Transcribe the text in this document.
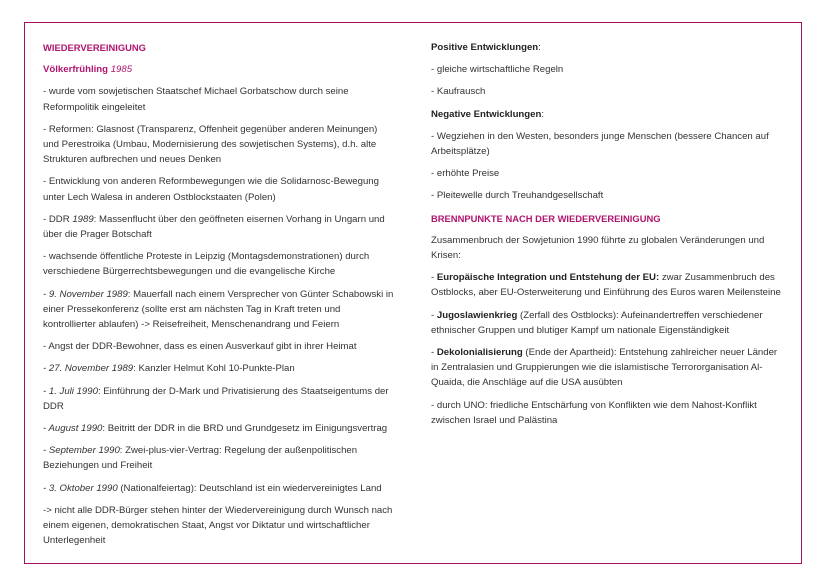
WIEDERVEREINIGUNG

Völkerfrühling 1985

- wurde vom sowjetischen Staatschef Michael Gorbatschow durch seine Reformpolitik eingeleitet

- Reformen: Glasnost (Transparenz, Offenheit gegenüber anderen Meinungen) und Perestroika (Umbau, Modernisierung des sowjetischen Systems), d.h. alte Strukturen aufbrechen und neues Denken

- Entwicklung von anderen Reformbewegungen wie die Solidarnosc-Bewegung unter Lech Walesa in anderen Ostblockstaaten (Polen)

- DDR 1989: Massenflucht über den geöffneten eisernen Vorhang in Ungarn und über die Prager Botschaft

- wachsende öffentliche Proteste in Leipzig (Montagsdemonstrationen) durch verschiedene Bürgerrechtsbewegungen und die evangelische Kirche

- 9. November 1989: Mauerfall nach einem Versprecher von Günter Schabowski in einer Pressekonferenz (sollte erst am nächsten Tag in Kraft treten und kontrollierter ablaufen) -> Reisefreiheit, Menschenandrang und Feiern

- Angst der DDR-Bewohner, dass es einen Ausverkauf gibt in ihrer Heimat

- 27. November 1989: Kanzler Helmut Kohl 10-Punkte-Plan

- 1. Juli 1990: Einführung der D-Mark und Privatisierung des Staatseigentums der DDR

- August 1990: Beitritt der DDR in die BRD und Grundgesetz im Einigungsvertrag

- September 1990: Zwei-plus-vier-Vertrag: Regelung der außenpolitischen Beziehungen und Freiheit

- 3. Oktober 1990 (Nationalfeiertag): Deutschland ist ein wiedervereinigtes Land

-> nicht alle DDR-Bürger stehen hinter der Wiedervereinigung durch Wunsch nach einem eigenen, demokratischen Staat, Angst vor Diktatur und wirtschaftlicher Unterlegenheit

Positive Entwicklungen:

- gleiche wirtschaftliche Regeln

- Kaufrausch

Negative Entwicklungen:

- Wegziehen in den Westen, besonders junge Menschen (bessere Chancen auf Arbeitsplätze)

- erhöhte Preise

- Pleitewelle durch Treuhandgesellschaft

BRENNPUNKTE NACH DER WIEDERVEREINIGUNG

Zusammenbruch der Sowjetunion 1990 führte zu globalen Veränderungen und Krisen:

- Europäische Integration und Entstehung der EU: zwar Zusammenbruch des Ostblocks, aber EU-Osterweiterung und Einführung des Euros waren Meilensteine

- Jugoslawienkrieg (Zerfall des Ostblocks): Aufeinandertreffen verschiedener ethnischer Gruppen und blutiger Kampf um nationale Eigenständigkeit

- Dekolonialisierung (Ende der Apartheid): Entstehung zahlreicher neuer Länder in Zentralasien und Gruppierungen wie die islamistische Terrororganisation Al-Quaida, die Anschläge auf die USA ausübten

- durch UNO: friedliche Entschärfung von Konflikten wie dem Nahost-Konflikt zwischen Israel und Palästina
